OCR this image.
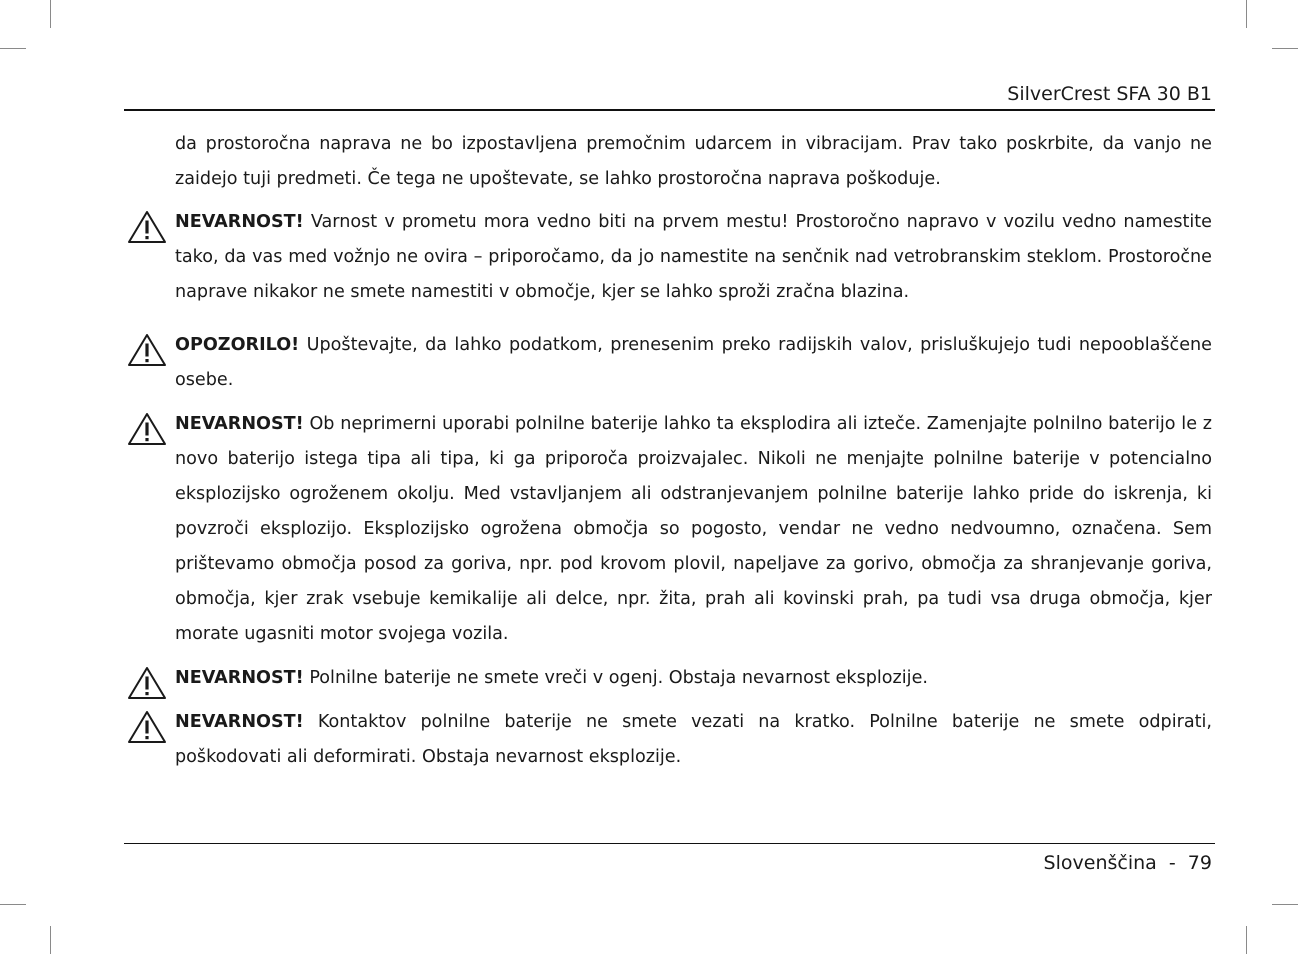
SilverCrest SFA 30 B1
da prostoročna naprava ne bo izpostavljena premočnim udarcem in vibracijam. Prav tako poskrbite, da vanjo ne zaidejo tuji predmeti. Če tega ne upoštevate, se lahko prostoročna naprava poškoduje.
NEVARNOST! Varnost v prometu mora vedno biti na prvem mestu! Prostoročno napravo v vozilu vedno namestite tako, da vas med vožnjo ne ovira – priporočamo, da jo namestite na senčnik nad vetrobranskim steklom. Prostoročne naprave nikakor ne smete namestiti v območje, kjer se lahko sproži zračna blazina.
OPOZORILO! Upoštevajte, da lahko podatkom, prenesenim preko radijskih valov, prisluškujejo tudi nepooblaščene osebe.
NEVARNOST! Ob neprimerni uporabi polnilne baterije lahko ta eksplodira ali izteče. Zamenjajte polnilno baterijo le z novo baterijo istega tipa ali tipa, ki ga priporoča proizvajalec. Nikoli ne menjajte polnilne baterije v potencialno eksplozijsko ogroženem okolju. Med vstavljanjem ali odstranjevanjem polnilne baterije lahko pride do iskrenja, ki povzroči eksplozijo. Eksplozijsko ogrožena območja so pogosto, vendar ne vedno nedvoumno, označena. Sem prištevamo območja posod za goriva, npr. pod krovom plovil, napeljave za gorivo, območja za shranjevanje goriva, območja, kjer zrak vsebuje kemikalije ali delce, npr. žita, prah ali kovinski prah, pa tudi vsa druga območja, kjer morate ugasniti motor svojega vozila.
NEVARNOST! Polnilne baterije ne smete vreči v ogenj. Obstaja nevarnost eksplozije.
NEVARNOST! Kontaktov polnilne baterije ne smete vezati na kratko. Polnilne baterije ne smete odpirati, poškodovati ali deformirati. Obstaja nevarnost eksplozije.
Slovenščina  -  79
